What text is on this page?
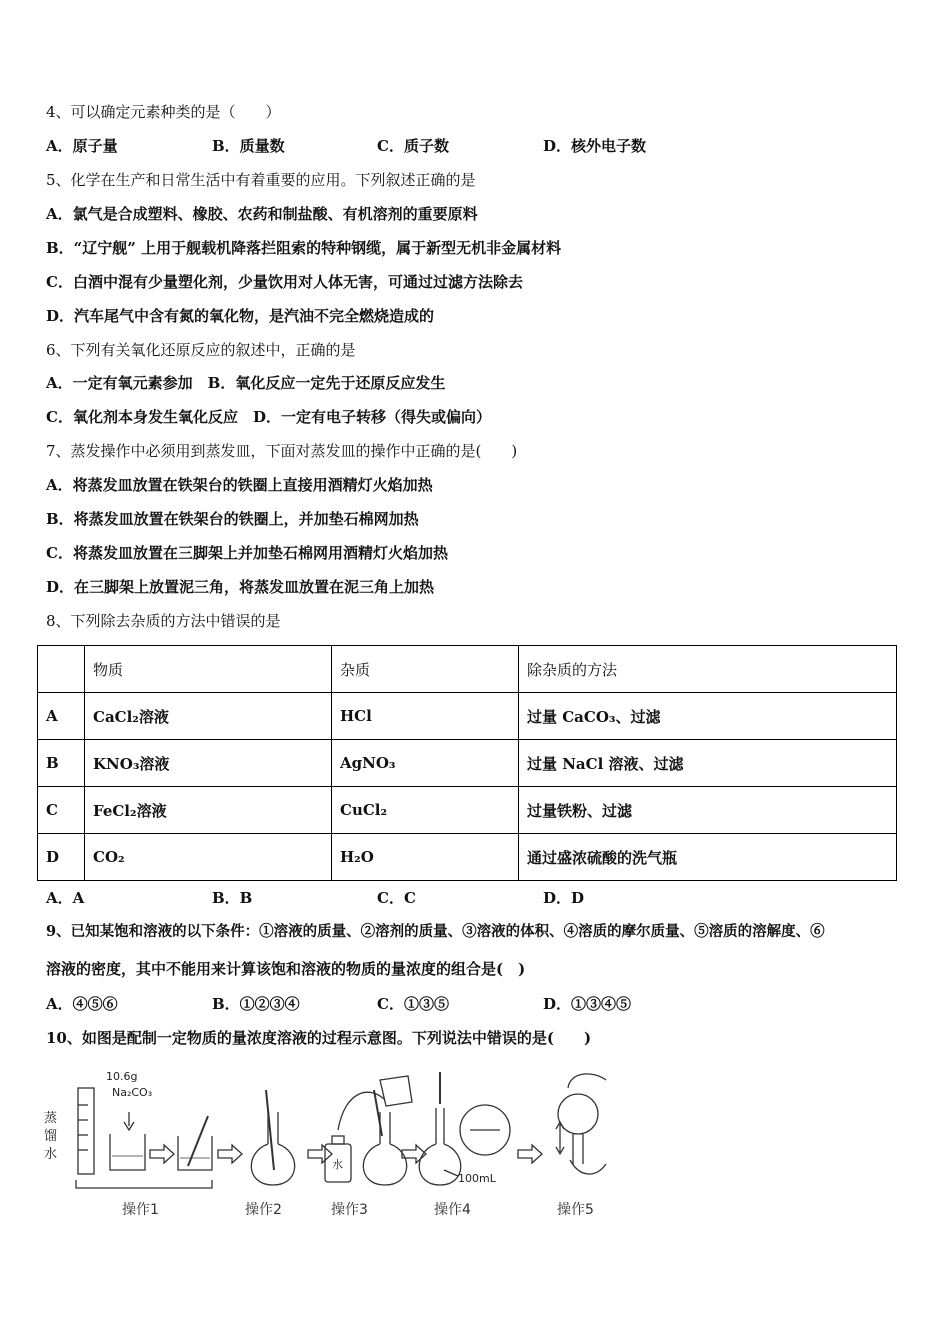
4、可以确定元素种类的是（　　）
A．原子量	B．质量数	C．质子数	D．核外电子数
5、化学在生产和日常生活中有着重要的应用。下列叙述正确的是
A．氯气是合成塑料、橡胶、农药和制盐酸、有机溶剂的重要原料
B．“辽宁舰” 上用于舰载机降落拦阻索的特种钢缆，属于新型无机非金属材料
C．白酒中混有少量塑化剂，少量饮用对人体无害，可通过过滤方法除去
D．汽车尾气中含有氮的氧化物，是汽油不完全燃烧造成的
6、下列有关氧化还原反应的叙述中，正确的是
A．一定有氧元素参加　B．氧化反应一定先于还原反应发生
C．氧化剂本身发生氧化反应　D．一定有电子转移（得失或偏向）
7、蒸发操作中必须用到蒸发皿，下面对蒸发皿的操作中正确的是(　　)
A．将蒸发皿放置在铁架台的铁圈上直接用酒精灯火焰加热
B．将蒸发皿放置在铁架台的铁圈上，并加垫石棉网加热
C．将蒸发皿放置在三脚架上并加垫石棉网用酒精灯火焰加热
D．在三脚架上放置泥三角，将蒸发皿放置在泥三角上加热
8、下列除去杂质的方法中错误的是
	物质	杂质	除杂质的方法
A	CaCl₂溶液	HCl	过量 CaCO₃、过滤
B	KNO₃溶液	AgNO₃	过量 NaCl 溶液、过滤
C	FeCl₂溶液	CuCl₂	过量铁粉、过滤
D	CO₂	H₂O	通过盛浓硫酸的洗气瓶
A．A	B．B	C．C	D．D
9、已知某饱和溶液的以下条件：①溶液的质量、②溶剂的质量、③溶液的体积、④溶质的摩尔质量、⑤溶质的溶解度、⑥
溶液的密度，其中不能用来计算该饱和溶液的物质的量浓度的组合是(　)
A．④⑤⑥	B．①②③④	C．①③⑤	D．①③④⑤
10、如图是配制一定物质的量浓度溶液的过程示意图。下列说法中错误的是(　　)
10.6g
Na₂CO₃
蒸
馏
水
水
100mL
操作1	操作2	操作3	操作4	操作5
